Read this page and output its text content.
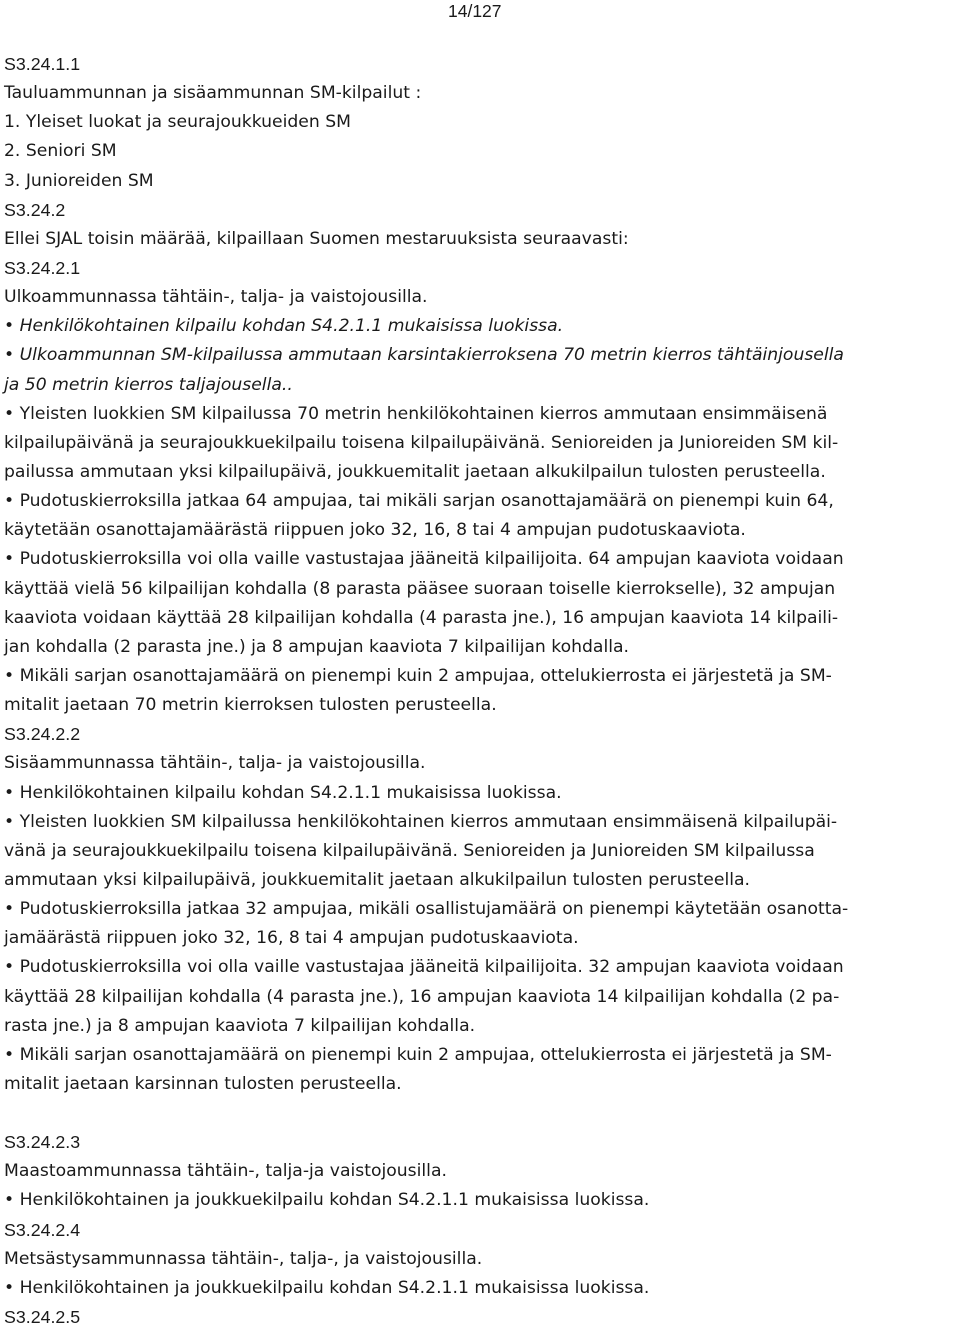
14/127
S3.24.1.1
Tauluammunnan ja sisäammunnan SM-kilpailut :
1. Yleiset luokat ja seurajoukkueiden SM
2. Seniori SM
3. Junioreiden SM
S3.24.2
Ellei SJAL toisin määrää, kilpaillaan Suomen mestaruuksista seuraavasti:
S3.24.2.1
Ulkoammunnassa tähtäin-, talja- ja vaistojousilla.
• Henkilökohtainen kilpailu kohdan S4.2.1.1 mukaisissa luokissa.
• Ulkoammunnan SM-kilpailussa ammutaan karsintakierroksena 70 metrin kierros tähtäinjousella
ja 50 metrin kierros taljajousella..
• Yleisten luokkien SM kilpailussa 70 metrin henkilökohtainen kierros ammutaan ensimmäisenä
kilpailupäivänä ja seurajoukkuekilpailu toisena kilpailupäivänä. Senioreiden ja Junioreiden SM kil-
pailussa ammutaan yksi kilpailupäivä, joukkuemitalit jaetaan alkukilpailun tulosten perusteella.
• Pudotuskierroksilla jatkaa 64 ampujaa, tai mikäli sarjan osanottajamäärä on pienempi kuin 64,
käytetään osanottajamäärästä riippuen joko 32, 16, 8 tai 4 ampujan pudotuskaaviota.
• Pudotuskierroksilla voi olla vaille vastustajaa jääneitä kilpailijoita. 64 ampujan kaaviota voidaan
käyttää vielä 56 kilpailijan kohdalla (8 parasta pääsee suoraan toiselle kierrokselle), 32 ampujan
kaaviota voidaan käyttää 28 kilpailijan kohdalla (4 parasta jne.), 16 ampujan kaaviota 14 kilpaili-
jan kohdalla (2 parasta jne.) ja 8 ampujan kaaviota 7 kilpailijan kohdalla.
• Mikäli sarjan osanottajamäärä on pienempi kuin 2 ampujaa, ottelukierrosta ei järjestetä ja SM-
mitalit jaetaan 70 metrin kierroksen tulosten perusteella.
S3.24.2.2
Sisäammunnassa tähtäin-, talja- ja vaistojousilla.
• Henkilökohtainen kilpailu kohdan S4.2.1.1 mukaisissa luokissa.
• Yleisten luokkien SM kilpailussa henkilökohtainen kierros ammutaan ensimmäisenä kilpailupäi-
vänä ja seurajoukkuekilpailu toisena kilpailupäivänä. Senioreiden ja Junioreiden SM kilpailussa
ammutaan yksi kilpailupäivä, joukkuemitalit jaetaan alkukilpailun tulosten perusteella.
• Pudotuskierroksilla jatkaa 32 ampujaa, mikäli osallistujamäärä on pienempi käytetään osanotta-
jamäärästä riippuen joko 32, 16, 8 tai 4 ampujan pudotuskaaviota.
• Pudotuskierroksilla voi olla vaille vastustajaa jääneitä kilpailijoita. 32 ampujan kaaviota voidaan
käyttää 28 kilpailijan kohdalla (4 parasta jne.), 16 ampujan kaaviota 14 kilpailijan kohdalla (2 pa-
rasta jne.) ja 8 ampujan kaaviota 7 kilpailijan kohdalla.
• Mikäli sarjan osanottajamäärä on pienempi kuin 2 ampujaa, ottelukierrosta ei järjestetä ja SM-
mitalit jaetaan karsinnan tulosten perusteella.
S3.24.2.3
Maastoammunnassa tähtäin-, talja-ja vaistojousilla.
• Henkilökohtainen ja joukkuekilpailu kohdan S4.2.1.1 mukaisissa luokissa.
S3.24.2.4
Metsästysammunnassa tähtäin-, talja-, ja vaistojousilla.
• Henkilökohtainen ja joukkuekilpailu kohdan S4.2.1.1 mukaisissa luokissa.
S3.24.2.5
